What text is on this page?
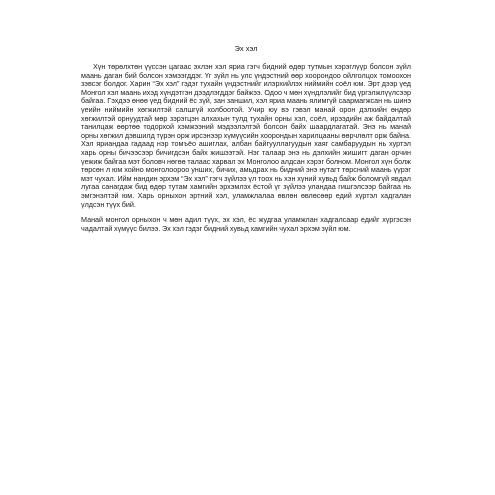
Эх хэл

Хүн төрөлхтөн үүссэн цагаас эхлэн хэл яриа гэгч бидний өдөр тутмын хэрэглүүр болсон зүйл маань даган бий болсон хэмээгддэг. Үг зүйл нь улс үндэстний өөр хоорондоо ойлголцох томоохон зэвсэг болдог. Харин “Эх хэл” гэдэг тухайн үндэстнийг илэрхийлэх ниймийн соёл юм. Эрт дээр үед Монгол хэл маань ихэд хүндэтгэн дээдлэгддэг байжээ. Одоо ч мөн хүндлэлийг бид үргэлжлүүлсээр байгаа. Гэхдээ өнөө үед бидний ёс зүй, зан заншил, хэл яриа маань ялимгүй саармагжсан нь шинэ үеийн ниймийн хөгжилтэй салшгүй холбоотой. Учир юу вэ гэвэл манай орон дэлхийн өндөр хөгжилтэй орнуудтай мөр зэрэгцэн алхахын тулд тухайн орны хэл, соёл, ирээдийн аж байдалтай танилцаж өөртөө тодорхой хэмжээний мэдээлэлтэй болсон байх шаардлагатай. Энэ нь манай орны хөгжил дэвшилд түрэн орж ирсэнээр хүмүүсийн хоорондын харилцааны өөрчлөлт орж байна. Хэл яриандаа гадаад нэр томъёо ашиглах, албан байгууллагуудын хаяг самбаруудын нь хуртэл харь орны бичээсээр бичигдсэн байх жишээтэй. Нэг талаар энэ нь дэлхийн жишигт даган орчин үежиж байгаа мэт боловч нөгөө талаас харвал эх Монголоо алдсан хэрэг болном. Монгол хүн болж төрсөн л юм хойно монголоороо унших, бичих, амьдрах нь бидний энэ нутагт төрсний маань үүрэг мэт чухал. Ийм нандин эрхэм “Эх хэл” гэгч зүйлээ үл тоох нь хэн хүний хувьд байж боломгүй явдал лугаа санагдаж бид өдөр тутам хамгийн эрхэмлэх ёстой үг зүйлээ уландаа гишгэлсээр байгаа нь эмгэнэлтэй юм. Харь орныхон эртний хэл, уламжлалаа өвлөн өвлөсөөр едий хүртэл хадгалан үлдсэн түүх бий.

Манай монгол орныхон ч мөн адил түүх, эх хэл, ёс жудгаа уламжлан хадгалсаар едийг хүргэсэн чадалтай хүмүүс билээ. Эх хэл гэдэг бидний хувьд хамгийн чухал эрхэм зүйл юм.
